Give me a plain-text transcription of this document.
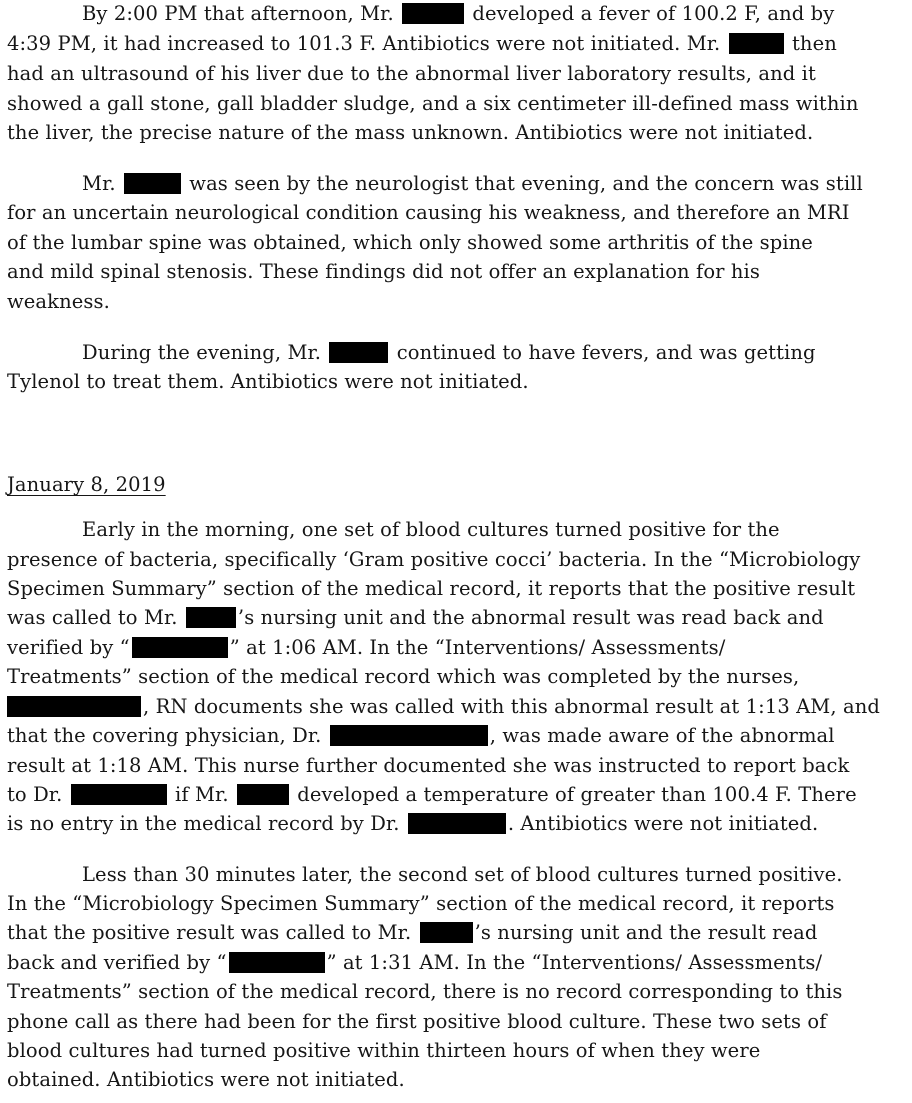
By 2:00 PM that afternoon, Mr.	developed a fever of 100.2 F, and by
4:39 PM, it had increased to 101.3 F. Antibiotics were not initiated. Mr.	then
had an ultrasound of his liver due to the abnormal liver laboratory results, and it
showed a gall stone, gall bladder sludge, and a six centimeter ill-defined mass within
the liver, the precise nature of the mass unknown. Antibiotics were not initiated.
Mr.	was seen by the neurologist that evening, and the concern was still
for an uncertain neurological condition causing his weakness, and therefore an MRI
of the lumbar spine was obtained, which only showed some arthritis of the spine
and mild spinal stenosis. These findings did not offer an explanation for his
weakness.
During the evening, Mr.	continued to have fevers, and was getting
Tylenol to treat them. Antibiotics were not initiated.
January 8, 2019
Early in the morning, one set of blood cultures turned positive for the
presence of bacteria, specifically ‘Gram positive cocci’ bacteria. In the “Microbiology
Specimen Summary” section of the medical record, it reports that the positive result
was called to Mr.	’s nursing unit and the abnormal result was read back and
verified by “	” at 1:06 AM. In the “Interventions/ Assessments/
Treatments” section of the medical record which was completed by the nurses,
, RN documents she was called with this abnormal result at 1:13 AM, and
that the covering physician, Dr.	, was made aware of the abnormal
result at 1:18 AM. This nurse further documented she was instructed to report back
to Dr.	if Mr.	developed a temperature of greater than 100.4 F. There
is no entry in the medical record by Dr.	. Antibiotics were not initiated.
Less than 30 minutes later, the second set of blood cultures turned positive.
In the “Microbiology Specimen Summary” section of the medical record, it reports
that the positive result was called to Mr.	’s nursing unit and the result read
back and verified by “	” at 1:31 AM. In the “Interventions/ Assessments/
Treatments” section of the medical record, there is no record corresponding to this
phone call as there had been for the first positive blood culture. These two sets of
blood cultures had turned positive within thirteen hours of when they were
obtained. Antibiotics were not initiated.
